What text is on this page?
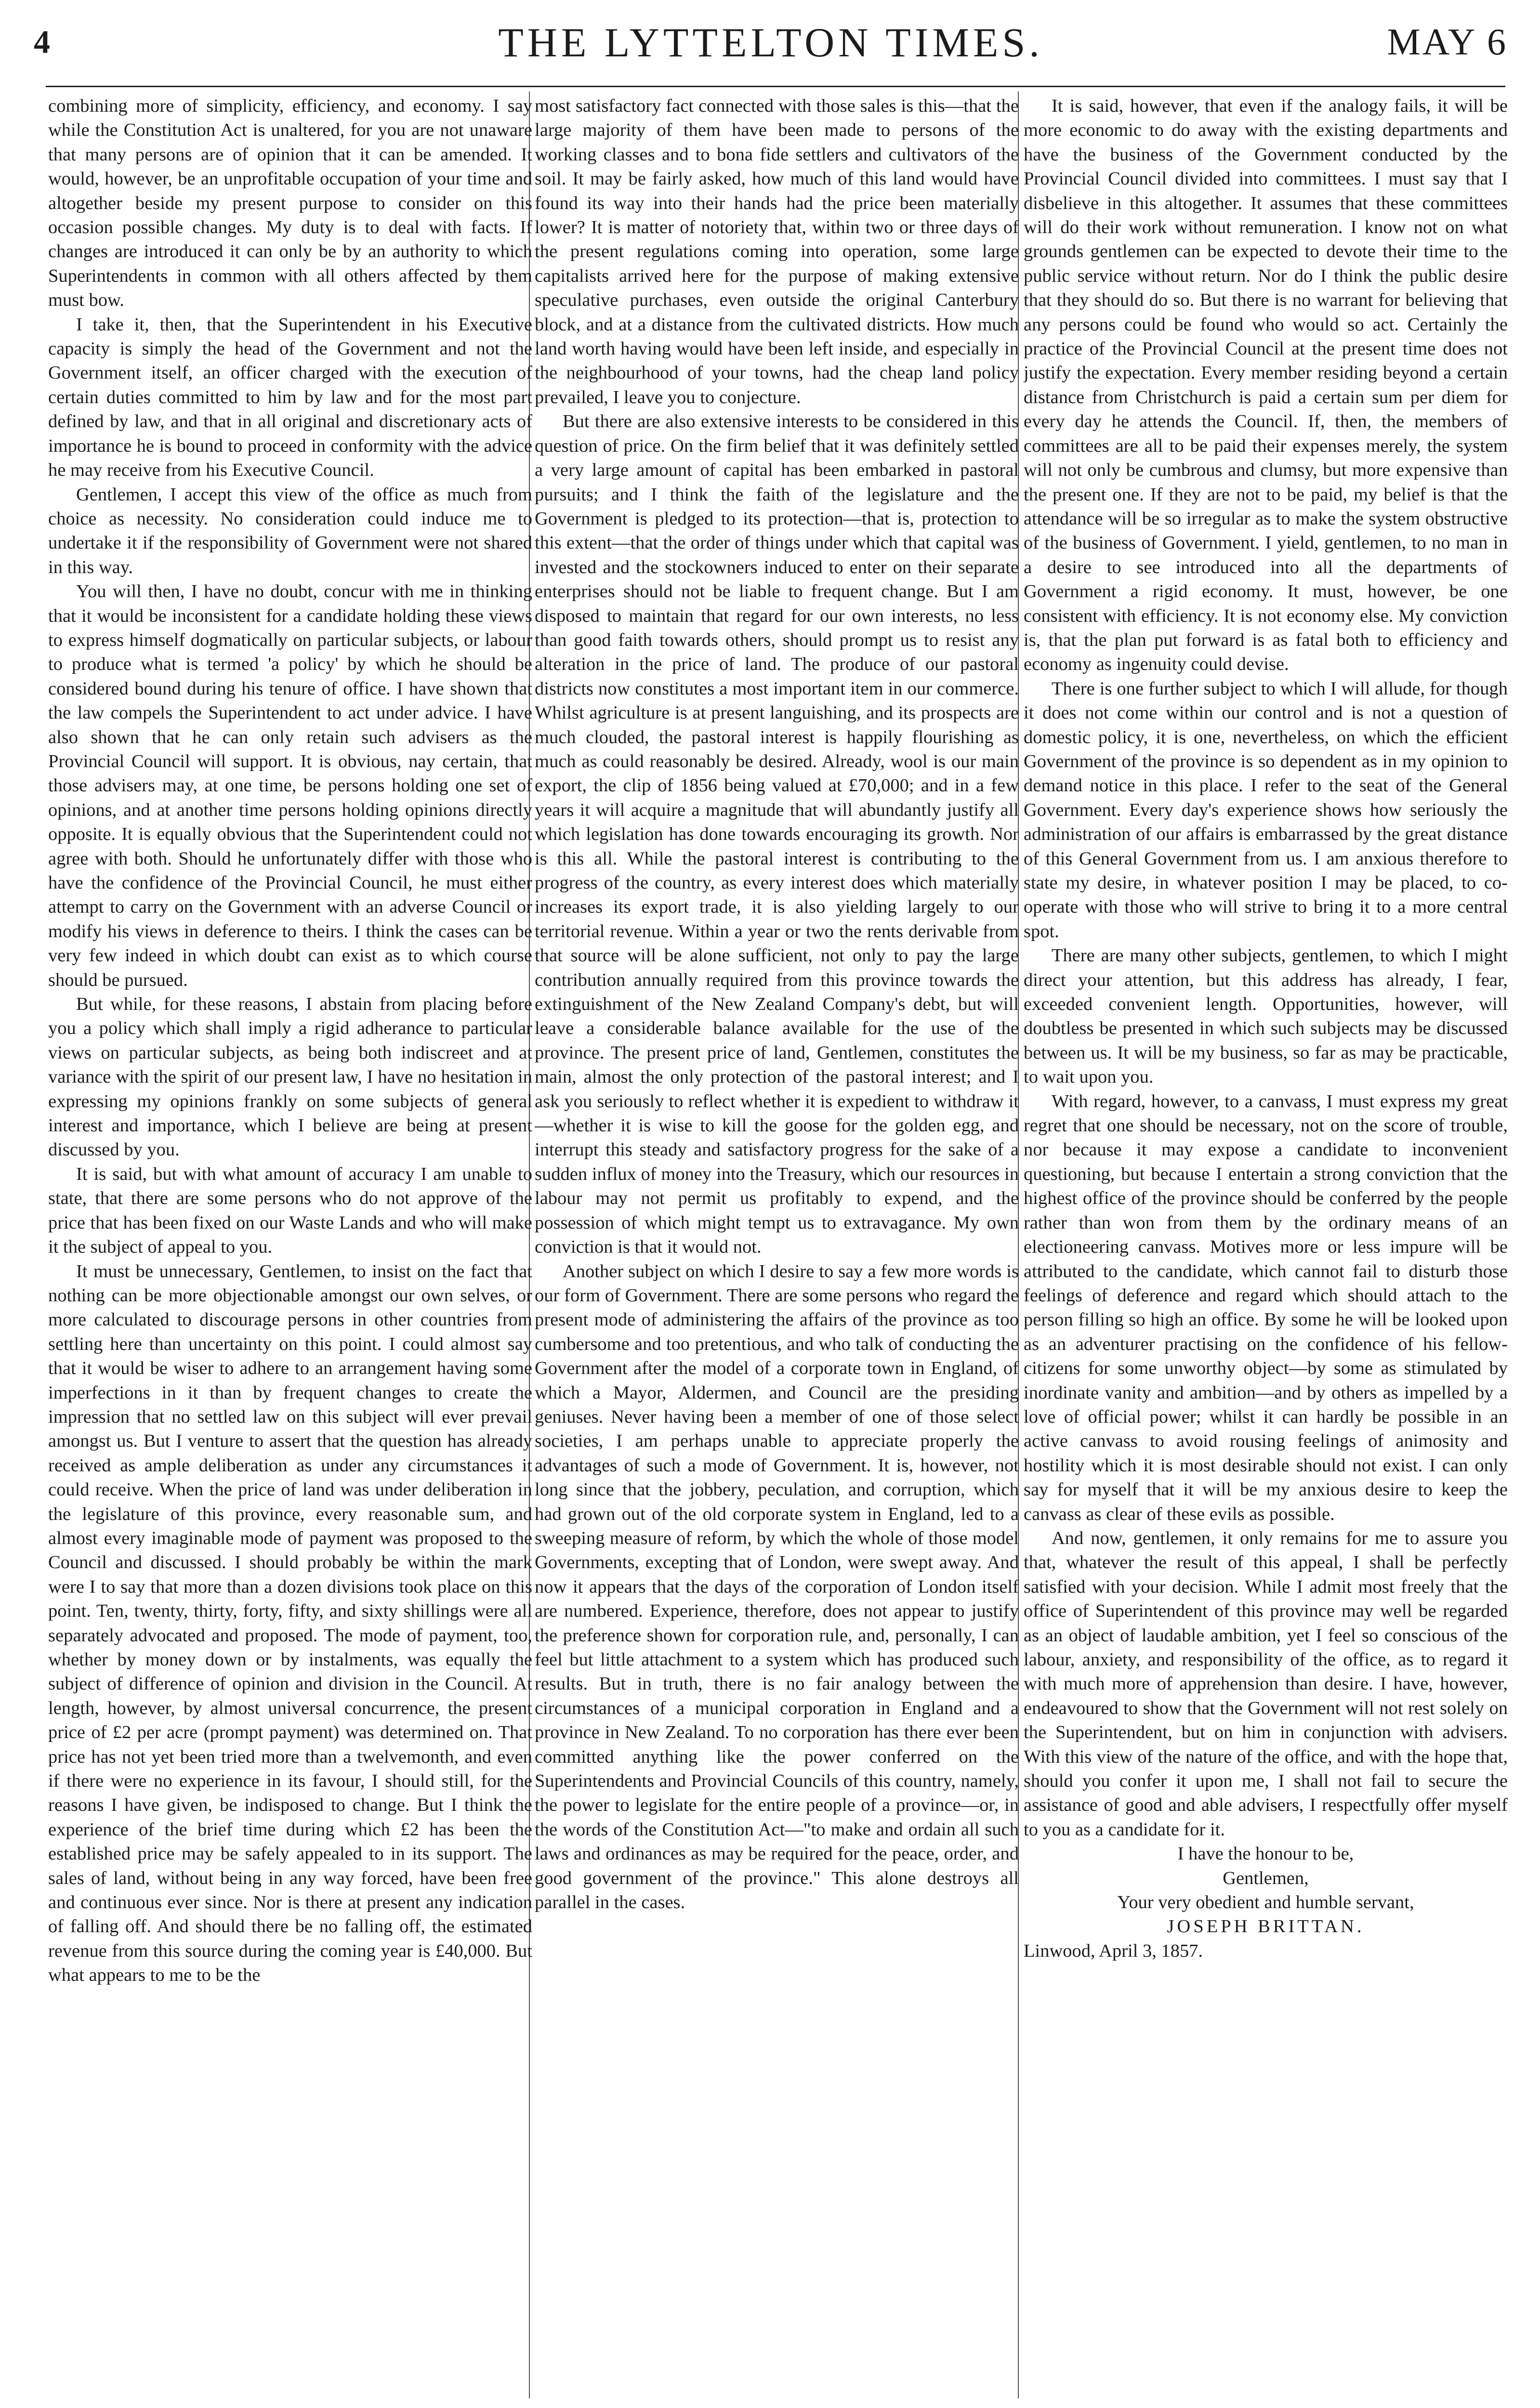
4	THE LYTTELTON TIMES.	MAY 6

combining more of simplicity, efficiency, and economy. I say while the Constitution Act is unaltered, for you are not unaware that many persons are of opinion that it can be amended. It would, however, be an unprofitable occupation of your time and altogether beside my present purpose to consider on this occasion possible changes. My duty is to deal with facts. If changes are introduced it can only be by an authority to which Superintendents in common with all others affected by them must bow.

I take it, then, that the Superintendent in his Executive capacity is simply the head of the Government and not the Government itself, an officer charged with the execution of certain duties committed to him by law and for the most part defined by law, and that in all original and discretionary acts of importance he is bound to proceed in conformity with the advice he may receive from his Executive Council.

Gentlemen, I accept this view of the office as much from choice as necessity. No consideration could induce me to undertake it if the responsibility of Government were not shared in this way.

You will then, I have no doubt, concur with me in thinking that it would be inconsistent for a candidate holding these views to express himself dogmatically on particular subjects, or labour to produce what is termed 'a policy' by which he should be considered bound during his tenure of office. I have shown that the law compels the Superintendent to act under advice. I have also shown that he can only retain such advisers as the Provincial Council will support. It is obvious, nay certain, that those advisers may, at one time, be persons holding one set of opinions, and at another time persons holding opinions directly opposite. It is equally obvious that the Superintendent could not agree with both. Should he unfortunately differ with those who have the confidence of the Provincial Council, he must either attempt to carry on the Government with an adverse Council or modify his views in deference to theirs. I think the cases can be very few indeed in which doubt can exist as to which course should be pursued.

But while, for these reasons, I abstain from placing before you a policy which shall imply a rigid adherance to particular views on particular subjects, as being both indiscreet and at variance with the spirit of our present law, I have no hesitation in expressing my opinions frankly on some subjects of general interest and importance, which I believe are being at present discussed by you.

It is said, but with what amount of accuracy I am unable to state, that there are some persons who do not approve of the price that has been fixed on our Waste Lands and who will make it the subject of appeal to you.

It must be unnecessary, Gentlemen, to insist on the fact that nothing can be more objectionable amongst our own selves, or more calculated to discourage persons in other countries from settling here than uncertainty on this point. I could almost say that it would be wiser to adhere to an arrangement having some imperfections in it than by frequent changes to create the impression that no settled law on this subject will ever prevail amongst us. But I venture to assert that the question has already received as ample deliberation as under any circumstances it could receive. When the price of land was under deliberation in the legislature of this province, every reasonable sum, and almost every imaginable mode of payment was proposed to the Council and discussed. I should probably be within the mark were I to say that more than a dozen divisions took place on this point. Ten, twenty, thirty, forty, fifty, and sixty shillings were all separately advocated and proposed. The mode of payment, too, whether by money down or by instalments, was equally the subject of difference of opinion and division in the Council. At length, however, by almost universal concurrence, the present price of £2 per acre (prompt payment) was determined on. That price has not yet been tried more than a twelvemonth, and even if there were no experience in its favour, I should still, for the reasons I have given, be indisposed to change. But I think the experience of the brief time during which £2 has been the established price may be safely appealed to in its support. The sales of land, without being in any way forced, have been free and continuous ever since. Nor is there at present any indication of falling off. And should there be no falling off, the estimated revenue from this source during the coming year is £40,000. But what appears to me to be the

most satisfactory fact connected with those sales is this—that the large majority of them have been made to persons of the working classes and to bona fide settlers and cultivators of the soil. It may be fairly asked, how much of this land would have found its way into their hands had the price been materially lower? It is matter of notoriety that, within two or three days of the present regulations coming into operation, some large capitalists arrived here for the purpose of making extensive speculative purchases, even outside the original Canterbury block, and at a distance from the cultivated districts. How much land worth having would have been left inside, and especially in the neighbourhood of your towns, had the cheap land policy prevailed, I leave you to conjecture.

But there are also extensive interests to be considered in this question of price. On the firm belief that it was definitely settled a very large amount of capital has been embarked in pastoral pursuits; and I think the faith of the legislature and the Government is pledged to its protection—that is, protection to this extent—that the order of things under which that capital was invested and the stockowners induced to enter on their separate enterprises should not be liable to frequent change. But I am disposed to maintain that regard for our own interests, no less than good faith towards others, should prompt us to resist any alteration in the price of land. The produce of our pastoral districts now constitutes a most important item in our commerce. Whilst agriculture is at present languishing, and its prospects are much clouded, the pastoral interest is happily flourishing as much as could reasonably be desired. Already, wool is our main export, the clip of 1856 being valued at £70,000; and in a few years it will acquire a magnitude that will abundantly justify all which legislation has done towards encouraging its growth. Nor is this all. While the pastoral interest is contributing to the progress of the country, as every interest does which materially increases its export trade, it is also yielding largely to our territorial revenue. Within a year or two the rents derivable from that source will be alone sufficient, not only to pay the large contribution annually required from this province towards the extinguishment of the New Zealand Company's debt, but will leave a considerable balance available for the use of the province. The present price of land, Gentlemen, constitutes the main, almost the only protection of the pastoral interest; and I ask you seriously to reflect whether it is expedient to withdraw it—whether it is wise to kill the goose for the golden egg, and interrupt this steady and satisfactory progress for the sake of a sudden influx of money into the Treasury, which our resources in labour may not permit us profitably to expend, and the possession of which might tempt us to extravagance. My own conviction is that it would not.

Another subject on which I desire to say a few more words is our form of Government. There are some persons who regard the present mode of administering the affairs of the province as too cumbersome and too pretentious, and who talk of conducting the Government after the model of a corporate town in England, of which a Mayor, Aldermen, and Council are the presiding geniuses. Never having been a member of one of those select societies, I am perhaps unable to appreciate properly the advantages of such a mode of Government. It is, however, not long since that the jobbery, peculation, and corruption, which had grown out of the old corporate system in England, led to a sweeping measure of reform, by which the whole of those model Governments, excepting that of London, were swept away. And now it appears that the days of the corporation of London itself are numbered. Experience, therefore, does not appear to justify the preference shown for corporation rule, and, personally, I can feel but little attachment to a system which has produced such results. But in truth, there is no fair analogy between the circumstances of a municipal corporation in England and a province in New Zealand. To no corporation has there ever been committed anything like the power conferred on the Superintendents and Provincial Councils of this country, namely, the power to legislate for the entire people of a province—or, in the words of the Constitution Act—"to make and ordain all such laws and ordinances as may be required for the peace, order, and good government of the province." This alone destroys all parallel in the cases.

It is said, however, that even if the analogy fails, it will be more economic to do away with the existing departments and have the business of the Government conducted by the Provincial Council divided into committees. I must say that I disbelieve in this altogether. It assumes that these committees will do their work without remuneration. I know not on what grounds gentlemen can be expected to devote their time to the public service without return. Nor do I think the public desire that they should do so. But there is no warrant for believing that any persons could be found who would so act. Certainly the practice of the Provincial Council at the present time does not justify the expectation. Every member residing beyond a certain distance from Christchurch is paid a certain sum per diem for every day he attends the Council. If, then, the members of committees are all to be paid their expenses merely, the system will not only be cumbrous and clumsy, but more expensive than the present one. If they are not to be paid, my belief is that the attendance will be so irregular as to make the system obstructive of the business of Government. I yield, gentlemen, to no man in a desire to see introduced into all the departments of Government a rigid economy. It must, however, be one consistent with efficiency. It is not economy else. My conviction is, that the plan put forward is as fatal both to efficiency and economy as ingenuity could devise.

There is one further subject to which I will allude, for though it does not come within our control and is not a question of domestic policy, it is one, nevertheless, on which the efficient Government of the province is so dependent as in my opinion to demand notice in this place. I refer to the seat of the General Government. Every day's experience shows how seriously the administration of our affairs is embarrassed by the great distance of this General Government from us. I am anxious therefore to state my desire, in whatever position I may be placed, to co-operate with those who will strive to bring it to a more central spot.

There are many other subjects, gentlemen, to which I might direct your attention, but this address has already, I fear, exceeded convenient length. Opportunities, however, will doubtless be presented in which such subjects may be discussed between us. It will be my business, so far as may be practicable, to wait upon you.

With regard, however, to a canvass, I must express my great regret that one should be necessary, not on the score of trouble, nor because it may expose a candidate to inconvenient questioning, but because I entertain a strong conviction that the highest office of the province should be conferred by the people rather than won from them by the ordinary means of an electioneering canvass. Motives more or less impure will be attributed to the candidate, which cannot fail to disturb those feelings of deference and regard which should attach to the person filling so high an office. By some he will be looked upon as an adventurer practising on the confidence of his fellow-citizens for some unworthy object—by some as stimulated by inordinate vanity and ambition—and by others as impelled by a love of official power; whilst it can hardly be possible in an active canvass to avoid rousing feelings of animosity and hostility which it is most desirable should not exist. I can only say for myself that it will be my anxious desire to keep the canvass as clear of these evils as possible.

And now, gentlemen, it only remains for me to assure you that, whatever the result of this appeal, I shall be perfectly satisfied with your decision. While I admit most freely that the office of Superintendent of this province may well be regarded as an object of laudable ambition, yet I feel so conscious of the labour, anxiety, and responsibility of the office, as to regard it with much more of apprehension than desire. I have, however, endeavoured to show that the Government will not rest solely on the Superintendent, but on him in conjunction with advisers. With this view of the nature of the office, and with the hope that, should you confer it upon me, I shall not fail to secure the assistance of good and able advisers, I respectfully offer myself to you as a candidate for it.

I have the honour to be,

Gentlemen,

Your very obedient and humble servant,

JOSEPH BRITTAN.

Linwood, April 3, 1857.
